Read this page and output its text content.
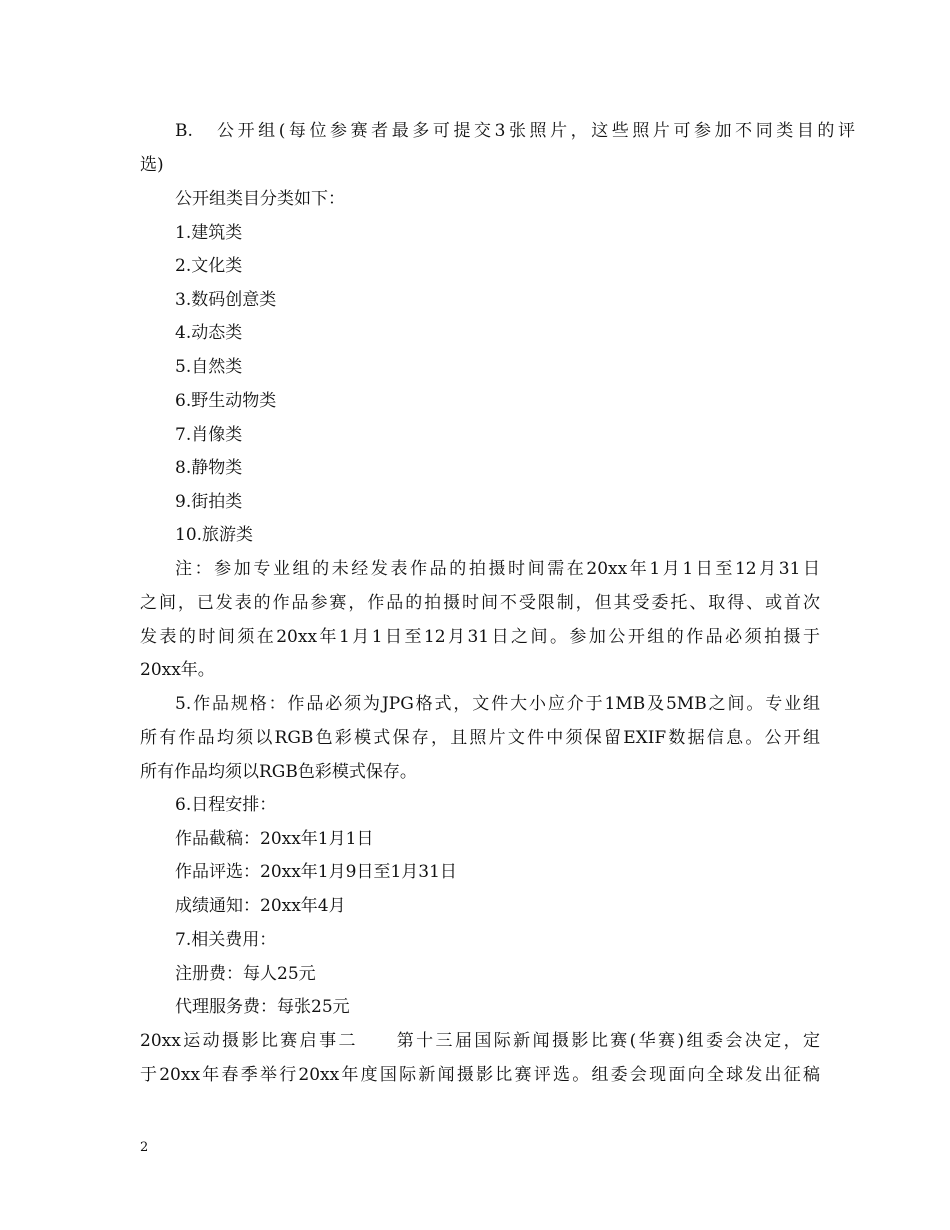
B.　公开组(每位参赛者最多可提交3张照片，这些照片可参加不同类目的评
选)
公开组类目分类如下：
1.建筑类
2.文化类
3.数码创意类
4.动态类
5.自然类
6.野生动物类
7.肖像类
8.静物类
9.街拍类
10.旅游类
注：参加专业组的未经发表作品的拍摄时间需在20xx年1月1日至12月31日
之间，已发表的作品参赛，作品的拍摄时间不受限制，但其受委托、取得、或首次
发表的时间须在20xx年1月1日至12月31日之间。参加公开组的作品必须拍摄于
20xx年。
5.作品规格：作品必须为JPG格式，文件大小应介于1MB及5MB之间。专业组
所有作品均须以RGB色彩模式保存，且照片文件中须保留EXIF数据信息。公开组
所有作品均须以RGB色彩模式保存。
6.日程安排：
作品截稿：20xx年1月1日
作品评选：20xx年1月9日至1月31日
成绩通知：20xx年4月
7.相关费用：
注册费：每人25元
代理服务费：每张25元
20xx运动摄影比赛启事二　　第十三届国际新闻摄影比赛(华赛)组委会决定，定
于20xx年春季举行20xx年度国际新闻摄影比赛评选。组委会现面向全球发出征稿
2
